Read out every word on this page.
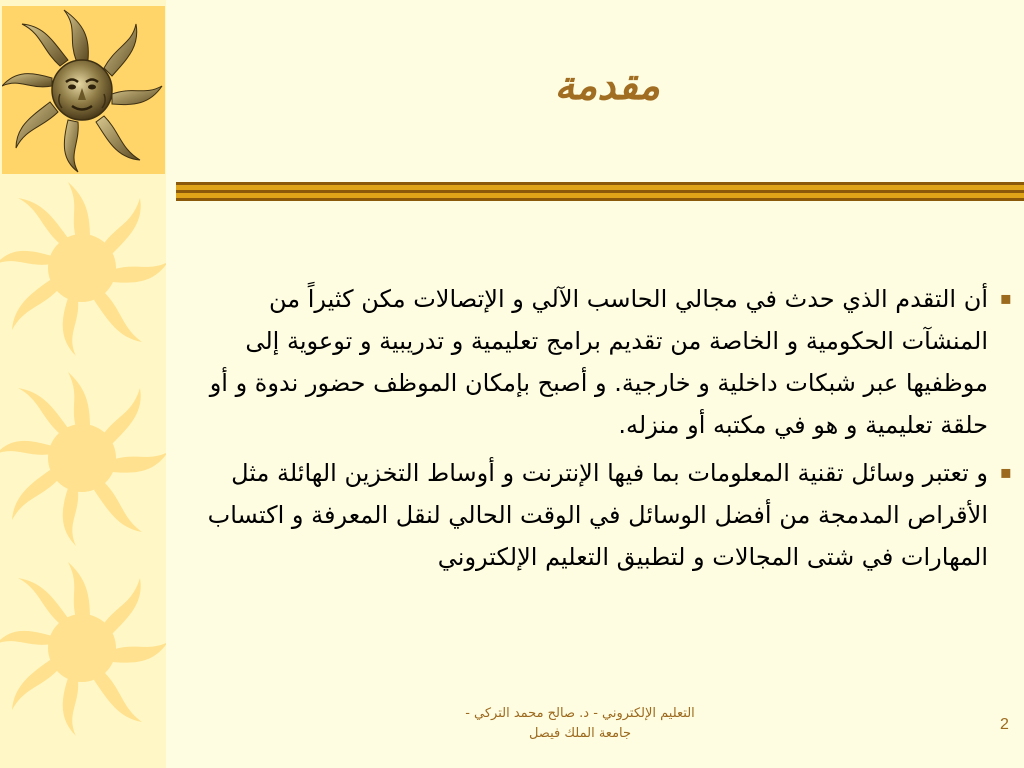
مقدمة
▪
أن التقدم الذي حدث في مجالي الحاسب الآلي و الإتصالات مكن كثيراً من المنشآت الحكومية و الخاصة من تقديم برامج تعليمية و تدريبية و توعوية إلى موظفيها عبر شبكات داخلية و خارجية. و أصبح بإمكان الموظف حضور ندوة و أو حلقة تعليمية و هو في مكتبه أو منزله.
▪
و تعتبر وسائل تقنية المعلومات بما فيها الإنترنت و أوساط التخزين الهائلة مثل الأقراص المدمجة من أفضل الوسائل في الوقت الحالي لنقل المعرفة و اكتساب المهارات في شتى المجالات و لتطبيق التعليم الإلكتروني
التعليم الإلكتروني - د. صالح محمد التركي -
جامعة الملك فيصل
2
